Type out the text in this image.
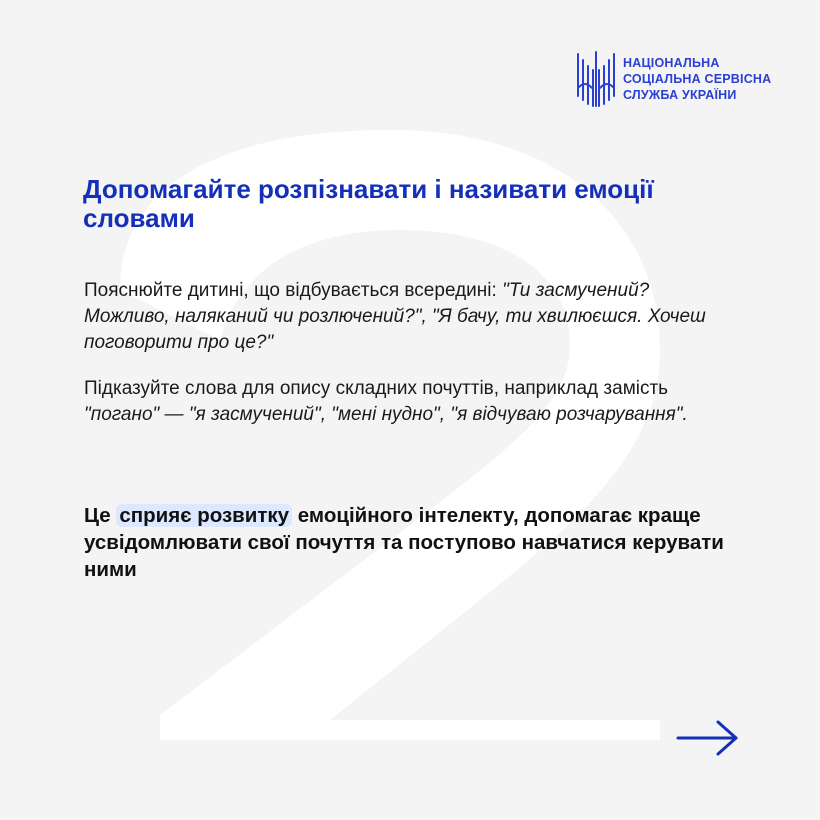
НАЦІОНАЛЬНА
СОЦІАЛЬНА СЕРВІСНА
СЛУЖБА УКРАЇНИ
Допомагайте розпізнавати і називати емоції словами

Пояснюйте дитині, що відбувається всередині: "Ти засмучений? Можливо, наляканий чи розлючений?", "Я бачу, ти хвилюєшся. Хочеш поговорити про це?"

Підказуйте слова для опису складних почуттів, наприклад замість "погано" — "я засмучений", "мені нудно", "я відчуваю розчарування".

Це сприяє розвитку емоційного інтелекту, допомагає краще усвідомлювати свої почуття та поступово навчатися керувати ними
